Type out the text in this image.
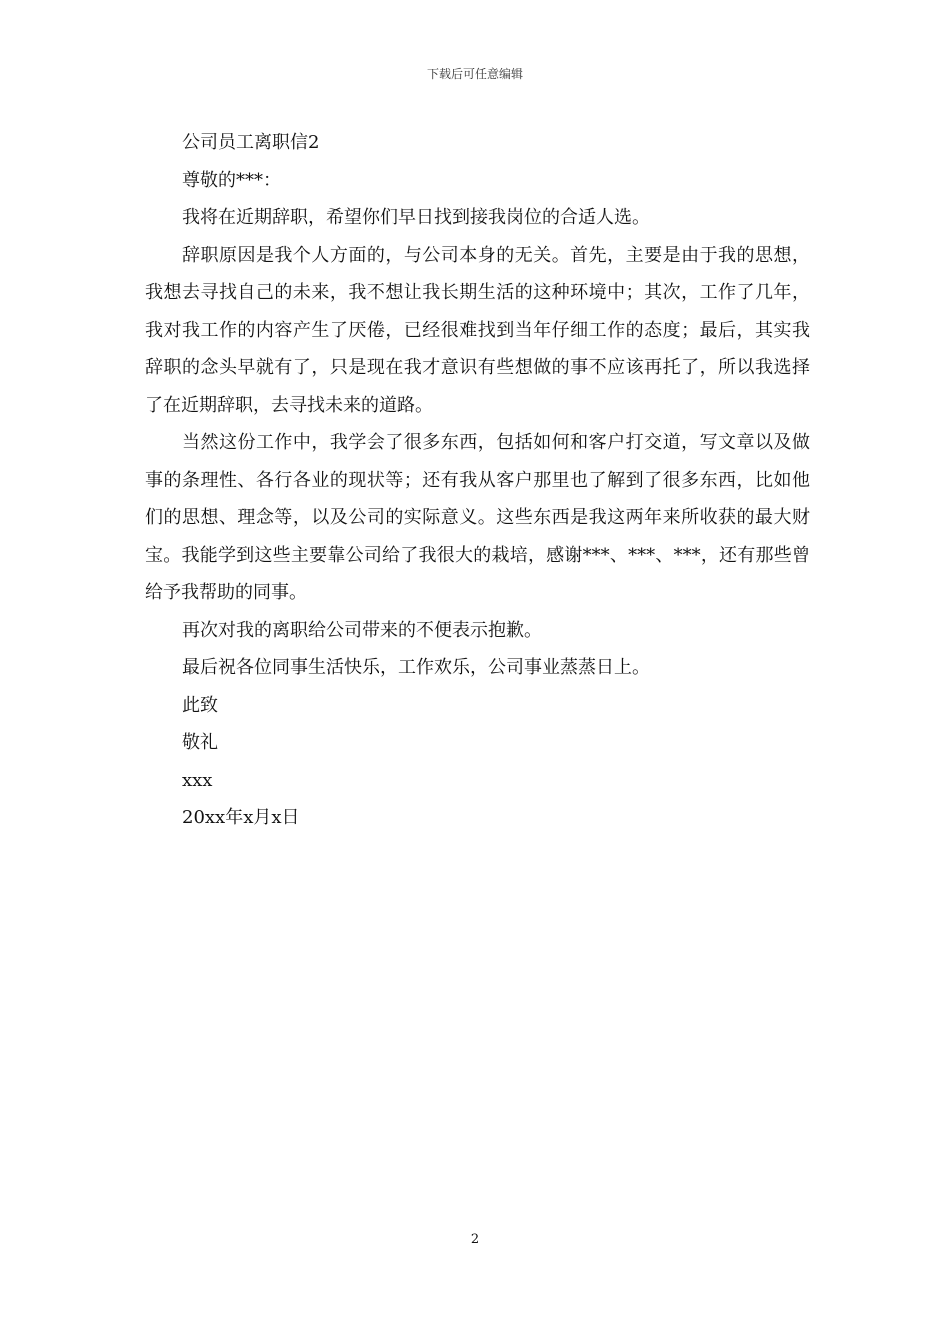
下载后可任意编辑

公司员工离职信2

尊敬的***：

我将在近期辞职，希望你们早日找到接我岗位的合适人选。

辞职原因是我个人方面的，与公司本身的无关。首先，主要是由于我的思想，我想去寻找自己的未来，我不想让我长期生活的这种环境中；其次，工作了几年，我对我工作的内容产生了厌倦，已经很难找到当年仔细工作的态度；最后，其实我辞职的念头早就有了，只是现在我才意识有些想做的事不应该再托了，所以我选择了在近期辞职，去寻找未来的道路。

当然这份工作中，我学会了很多东西，包括如何和客户打交道，写文章以及做事的条理性、各行各业的现状等；还有我从客户那里也了解到了很多东西，比如他们的思想、理念等，以及公司的实际意义。这些东西是我这两年来所收获的最大财宝。我能学到这些主要靠公司给了我很大的栽培，感谢***、***、***，还有那些曾给予我帮助的同事。

再次对我的离职给公司带来的不便表示抱歉。

最后祝各位同事生活快乐，工作欢乐，公司事业蒸蒸日上。

此致

敬礼

xxx

20xx年x月x日

2
